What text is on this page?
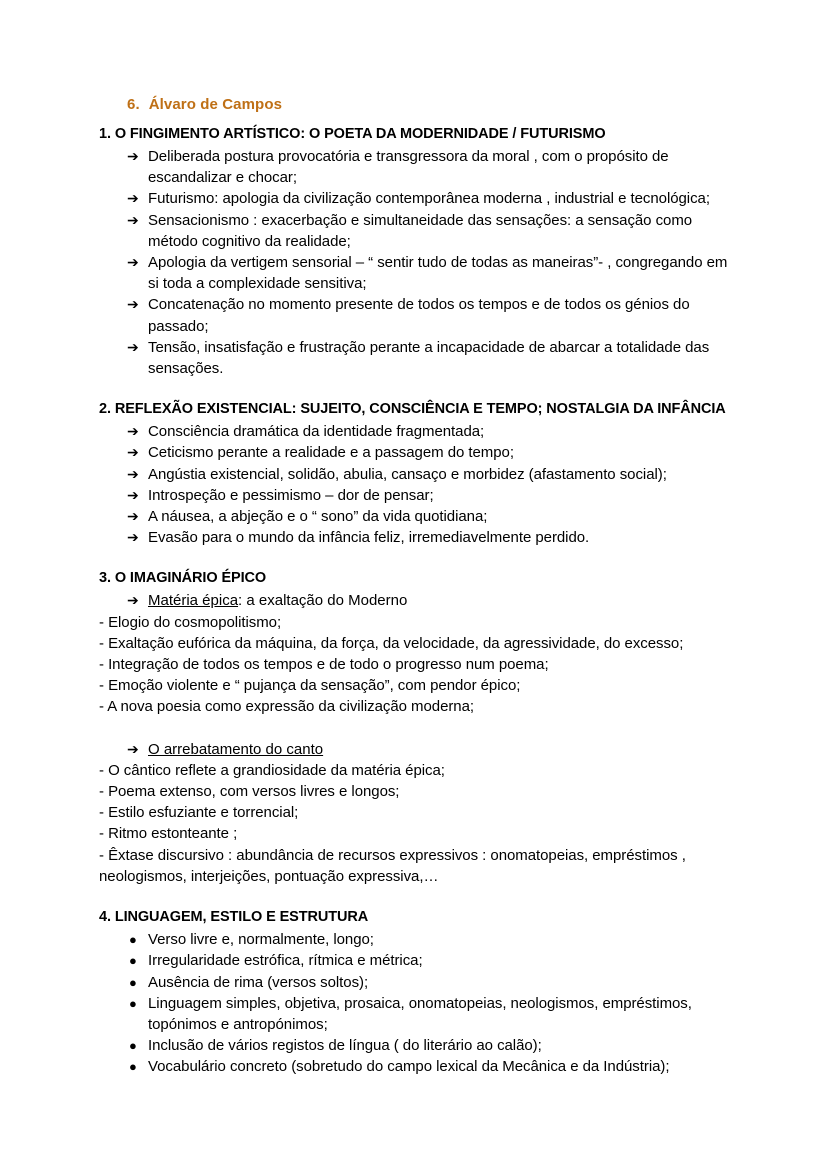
6. Álvaro de Campos
1. O FINGIMENTO ARTÍSTICO: O POETA DA MODERNIDADE / FUTURISMO
➔ Deliberada postura provocatória e transgressora da moral , com o propósito de escandalizar e chocar;
➔ Futurismo: apologia da civilização contemporânea moderna , industrial e tecnológica;
➔ Sensacionismo : exacerbação e simultaneidade das sensações: a sensação como método cognitivo da realidade;
➔ Apologia da vertigem sensorial – “ sentir tudo de todas as maneiras”- , congregando em si toda a complexidade sensitiva;
➔ Concatenação no momento presente de todos os tempos e de todos os génios do passado;
➔ Tensão, insatisfação e frustração perante a incapacidade de abarcar a totalidade das sensações.
2. REFLEXÃO EXISTENCIAL: SUJEITO, CONSCIÊNCIA E TEMPO; NOSTALGIA DA INFÂNCIA
➔ Consciência dramática da identidade fragmentada;
➔ Ceticismo perante a realidade e a passagem do tempo;
➔ Angústia existencial, solidão, abulia, cansaço e morbidez (afastamento social);
➔ Introspeção e pessimismo – dor de pensar;
➔ A náusea, a abjeção e o “ sono” da vida quotidiana;
➔ Evasão para o mundo da infância feliz, irremediavelmente perdido.
3. O IMAGINÁRIO ÉPICO
➔ Matéria épica: a exaltação do Moderno
- Elogio do cosmopolitismo;
- Exaltação eufórica da máquina, da força, da velocidade, da agressividade, do excesso;
- Integração de todos os tempos e de todo o progresso num poema;
- Emoção violente e “ pujança da sensação”, com pendor épico;
- A nova poesia como expressão da civilização moderna;
➔ O arrebatamento do canto
- O cântico reflete a grandiosidade da matéria épica;
- Poema extenso, com versos livres e longos;
- Estilo esfuziante e torrencial;
- Ritmo estonteante ;
- Êxtase discursivo : abundância de recursos expressivos : onomatopeias, empréstimos , neologismos, interjeições, pontuação expressiva,…
4. LINGUAGEM, ESTILO E ESTRUTURA
● Verso livre e, normalmente, longo;
● Irregularidade estrófica, rítmica e métrica;
● Ausência de rima (versos soltos);
● Linguagem simples, objetiva, prosaica, onomatopeias, neologismos, empréstimos, topónimos e antropónimos;
● Inclusão de vários registos de língua ( do literário ao calão);
● Vocabulário concreto (sobretudo do campo lexical da Mecânica e da Indústria);
